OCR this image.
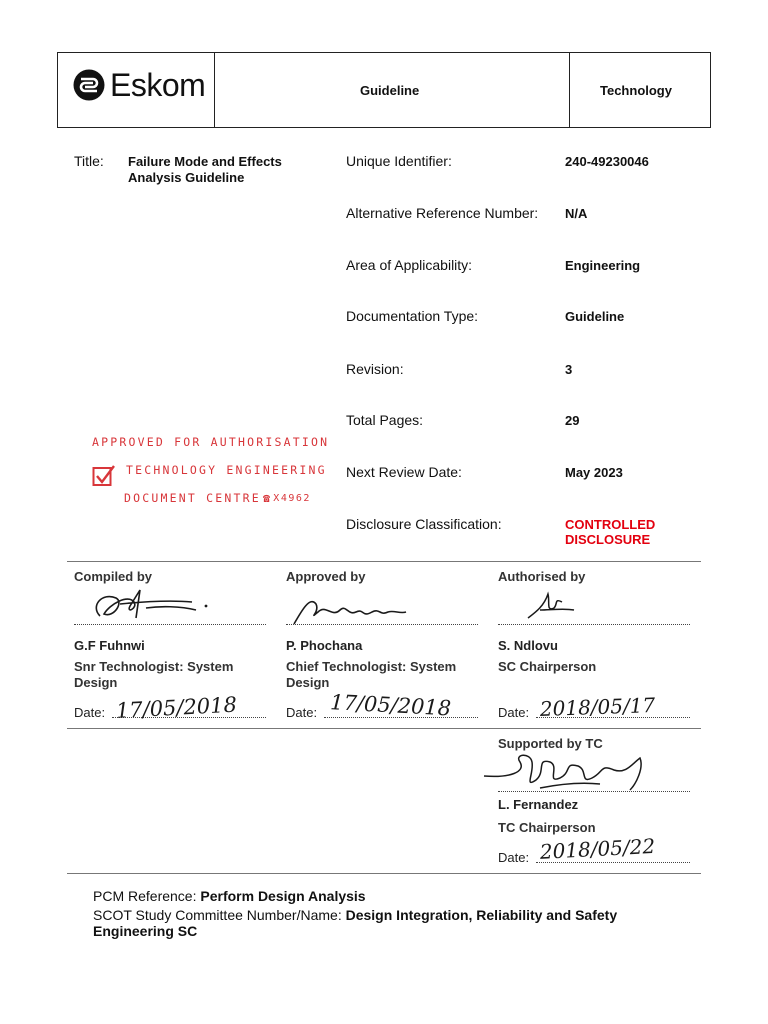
Eskom	Guideline	Technology
Title: Failure Mode and Effects
Analysis Guideline
Unique Identifier:	240-49230046
Alternative Reference Number: N/A
Area of Applicability:	Engineering
Documentation Type:	Guideline
Revision:	3
Total Pages:	29
Next Review Date:	May 2023
Disclosure Classification:	CONTROLLED
DISCLOSURE
APPROVED FOR AUTHORISATION
TECHNOLOGY ENGINEERING
DOCUMENT CENTRE ☎ X4962
Compiled by
G.F Fuhnwi
Snr Technologist: System
Design
Date: 17/05/2018
Approved by
P. Phochana
Chief Technologist: System
Design
Date: 17/05/2018
Authorised by
S. Ndlovu
SC Chairperson
Date: 2018/05/17
Supported by TC
L. Fernandez
TC Chairperson
Date: 2018/05/22
PCM Reference: Perform Design Analysis
SCOT Study Committee Number/Name: Design Integration, Reliability and Safety
Engineering SC
